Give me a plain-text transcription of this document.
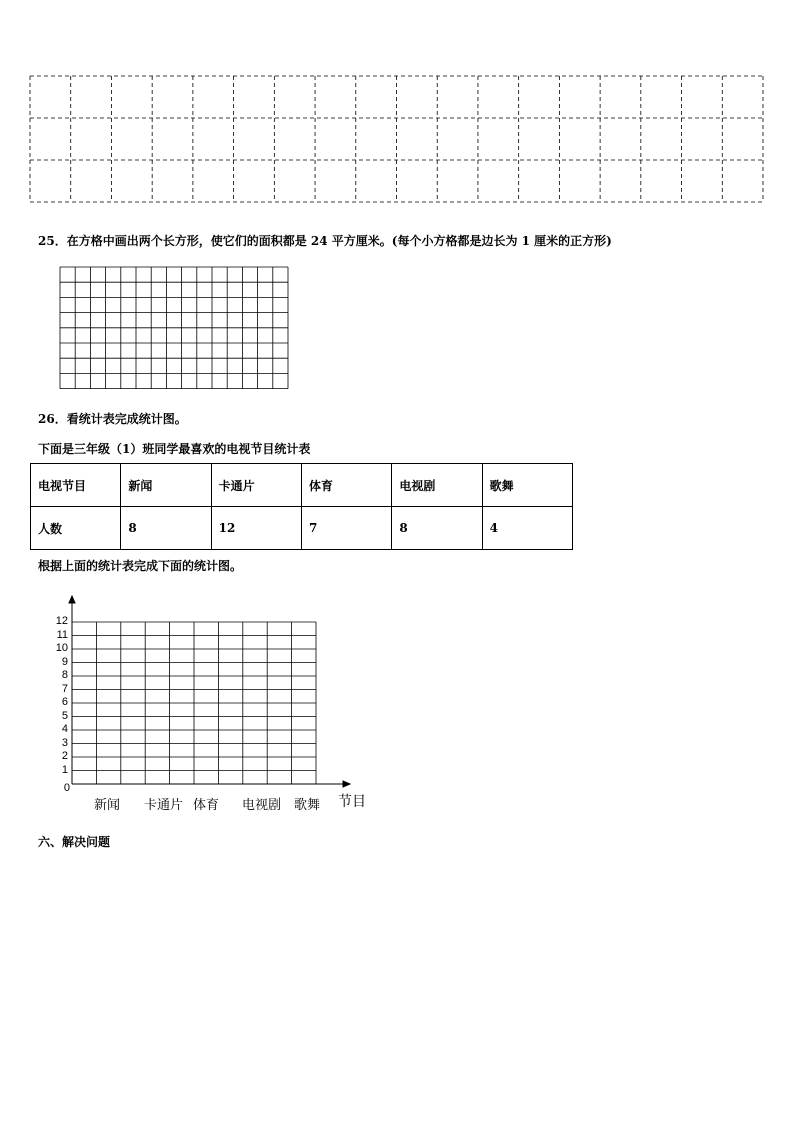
25．在方格中画出两个长方形，使它们的面积都是 24 平方厘米。(每个小方格都是边长为 1 厘米的正方形)
26．看统计表完成统计图。
下面是三年级（1）班同学最喜欢的电视节目统计表
电视节目	新闻	卡通片	体育	电视剧	歌舞
人数	8	12	7	8	4
根据上面的统计表完成下面的统计图。
0
1
2
3
4
5
6
7
8
9
10
11
12
新闻 卡通片 体育 电视剧 歌舞 节目
六、解决问题
